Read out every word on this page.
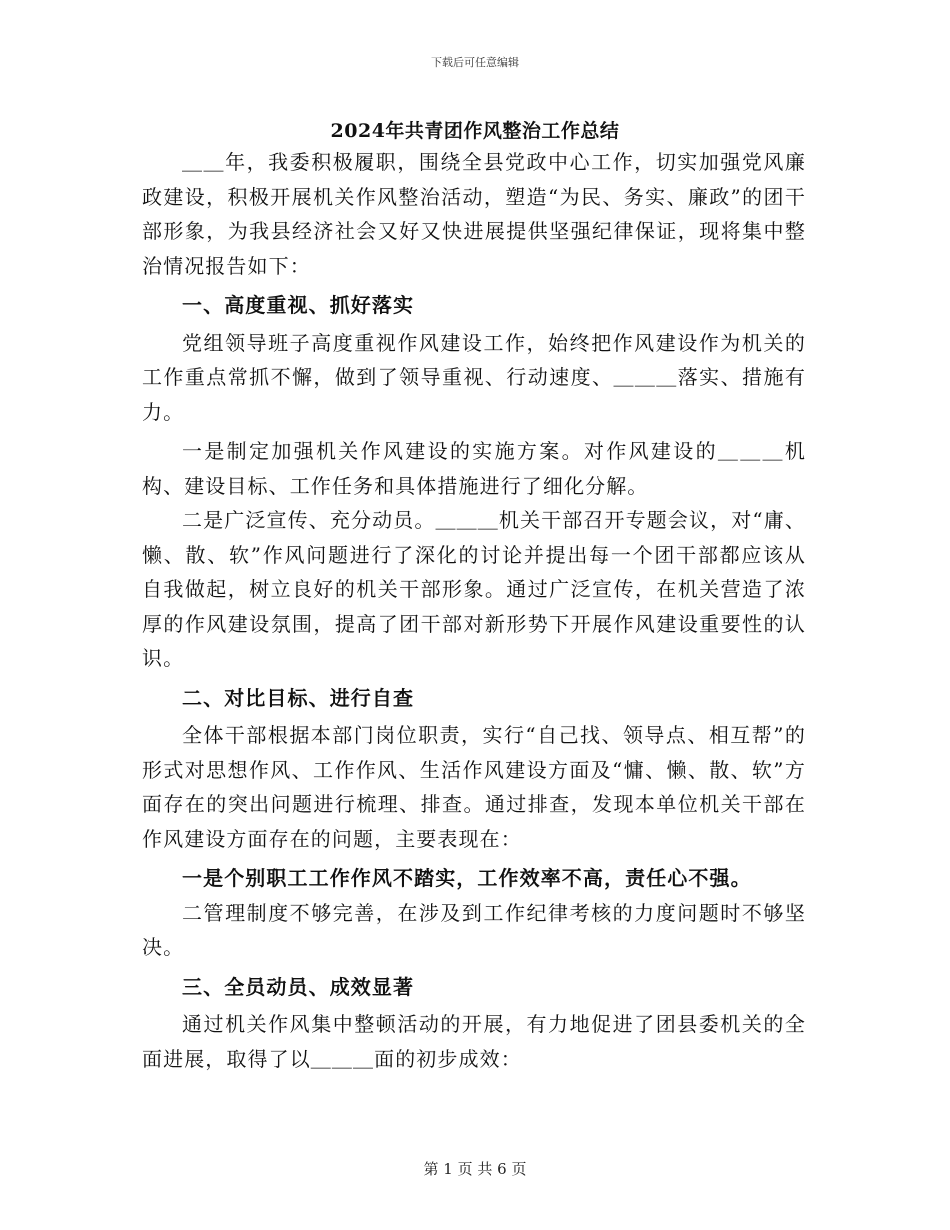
下载后可任意编辑
2024年共青团作风整治工作总结

＿＿年，我委积极履职，围绕全县党政中心工作，切实加强党风廉政建设，积极开展机关作风整治活动，塑造“为民、务实、廉政”的团干部形象，为我县经济社会又好又快进展提供坚强纪律保证，现将集中整治情况报告如下：

一、高度重视、抓好落实

党组领导班子高度重视作风建设工作，始终把作风建设作为机关的工作重点常抓不懈，做到了领导重视、行动速度、＿＿＿落实、措施有力。

一是制定加强机关作风建设的实施方案。对作风建设的＿＿＿机构、建设目标、工作任务和具体措施进行了细化分解。

二是广泛宣传、充分动员。＿＿＿机关干部召开专题会议，对“庸、懒、散、软”作风问题进行了深化的讨论并提出每一个团干部都应该从自我做起，树立良好的机关干部形象。通过广泛宣传，在机关营造了浓厚的作风建设氛围，提高了团干部对新形势下开展作风建设重要性的认识。

二、对比目标、进行自查

全体干部根据本部门岗位职责，实行“自己找、领导点、相互帮”的形式对思想作风、工作作风、生活作风建设方面及“慵、懒、散、软”方面存在的突出问题进行梳理、排查。通过排查，发现本单位机关干部在作风建设方面存在的问题，主要表现在：

一是个别职工工作作风不踏实，工作效率不高，责任心不强。

二管理制度不够完善，在涉及到工作纪律考核的力度问题时不够坚决。

三、全员动员、成效显著

通过机关作风集中整顿活动的开展，有力地促进了团县委机关的全面进展，取得了以＿＿＿面的初步成效：

第 1 页 共 6 页
